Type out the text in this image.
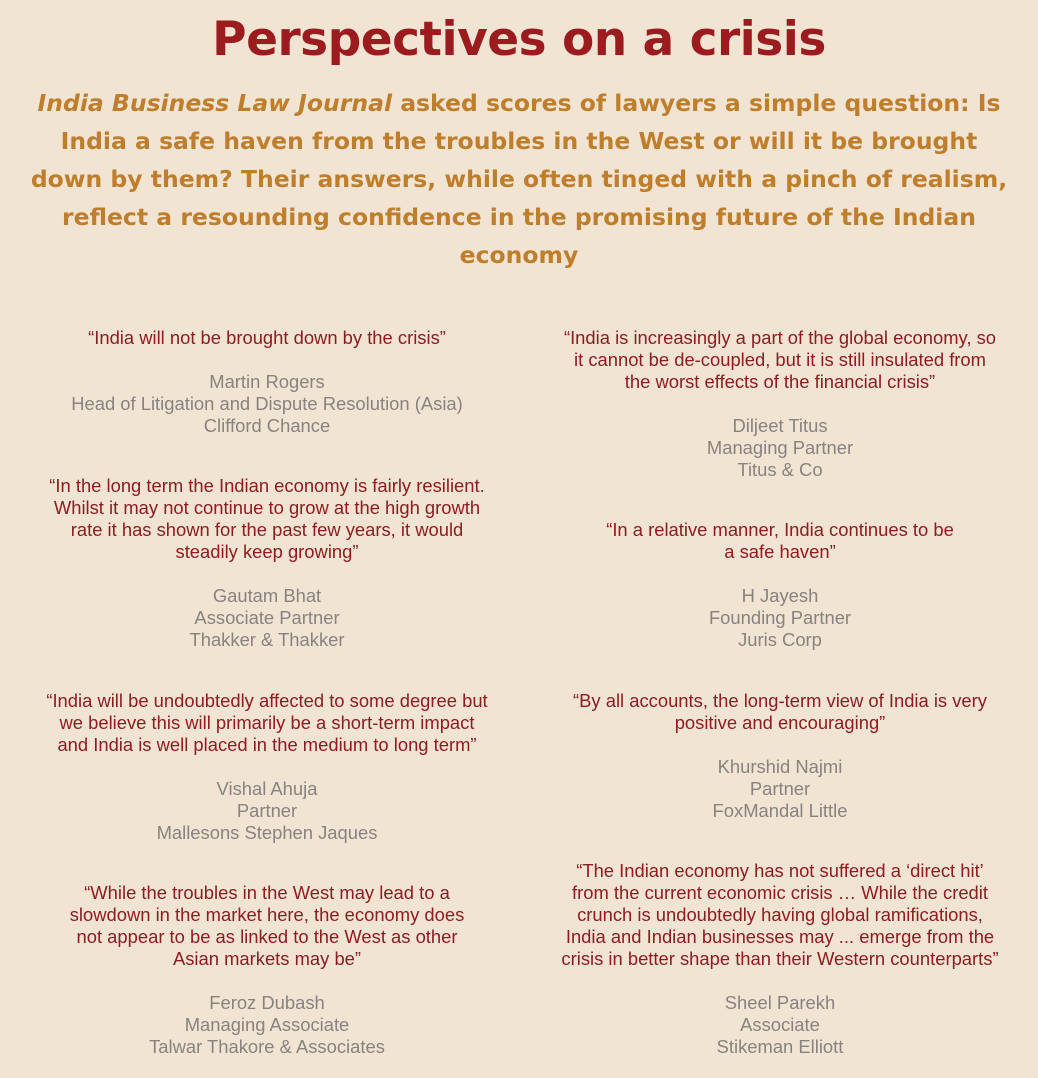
Perspectives on a crisis

India Business Law Journal asked scores of lawyers a simple question: Is India a safe haven from the troubles in the West or will it be brought down by them? Their answers, while often tinged with a pinch of realism, reflect a resounding confidence in the promising future of the Indian economy

“India will not be brought down by the crisis”

Martin Rogers
Head of Litigation and Dispute Resolution (Asia)
Clifford Chance

“In the long term the Indian economy is fairly resilient.
Whilst it may not continue to grow at the high growth
rate it has shown for the past few years, it would
steadily keep growing”

Gautam Bhat
Associate Partner
Thakker & Thakker

“India will be undoubtedly affected to some degree but
we believe this will primarily be a short-term impact
and India is well placed in the medium to long term”

Vishal Ahuja
Partner
Mallesons Stephen Jaques

“While the troubles in the West may lead to a
slowdown in the market here, the economy does
not appear to be as linked to the West as other
Asian markets may be”

Feroz Dubash
Managing Associate
Talwar Thakore & Associates

“India is increasingly a part of the global economy, so
it cannot be de-coupled, but it is still insulated from
the worst effects of the financial crisis”

Diljeet Titus
Managing Partner
Titus & Co

“In a relative manner, India continues to be
a safe haven”

H Jayesh
Founding Partner
Juris Corp

“By all accounts, the long-term view of India is very
positive and encouraging”

Khurshid Najmi
Partner
FoxMandal Little

“The Indian economy has not suffered a ‘direct hit’
from the current economic crisis … While the credit
crunch is undoubtedly having global ramifications,
India and Indian businesses may ... emerge from the
crisis in better shape than their Western counterparts”

Sheel Parekh
Associate
Stikeman Elliott
